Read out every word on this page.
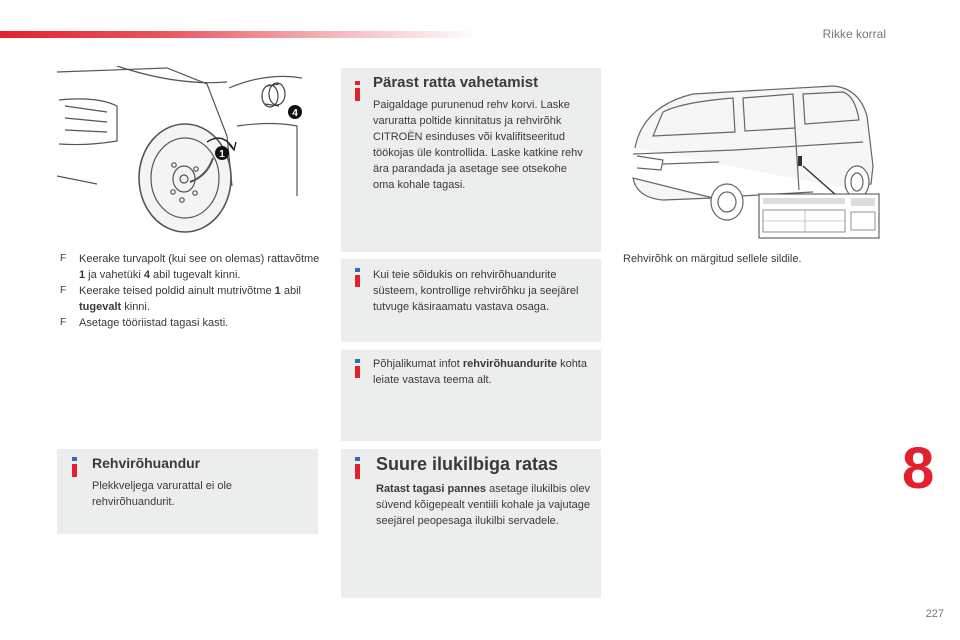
Rikke korral
1
4
F Keerake turvapolt (kui see on olemas) rattavõtme 1 ja vahetüki 4 abil tugevalt kinni.
F Keerake teised poldid ainult mutrivõtme 1 abil tugevalt kinni.
F Asetage tööriistad tagasi kasti.
Pärast ratta vahetamist
Paigaldage purunenud rehv korvi. Laske varuratta poltide kinnitatus ja rehvirõhk CITROËN esinduses või kvalifitseeritud töökojas üle kontrollida. Laske katkine rehv ära parandada ja asetage see otsekohe oma kohale tagasi.
Kui teie sõidukis on rehvirõhuandurite süsteem, kontrollige rehvirõhku ja seejärel tutvuge käsiraamatu vastava osaga.
Põhjalikumat infot rehvirõhuandurite kohta leiate vastava teema alt.
Rehvirõhuandur
Plekkveljega varurattal ei ole rehvirõhuandurit.
Suure ilukilbiga ratas
Ratast tagasi pannes asetage ilukilbis olev süvend kõigepealt ventiili kohale ja vajutage seejärel peopesaga ilukilbi servadele.
Rehvirõhk on märgitud sellele sildile.
8
227
